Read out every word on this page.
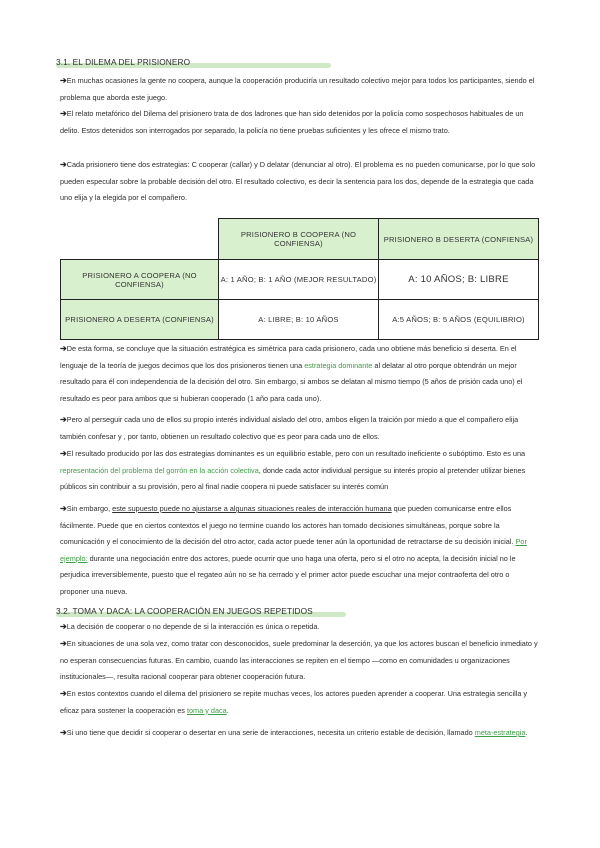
3.1. EL DILEMA DEL PRISIONERO
➔En muchas ocasiones la gente no coopera, aunque la cooperación produciría un resultado colectivo mejor para todos los participantes, siendo el problema que aborda este juego.
➔El relato metafórico del Dilema del prisionero trata de dos ladrones que han sido detenidos por la policía como sospechosos habituales de un delito. Estos detenidos son interrogados por separado, la policía no tiene pruebas suficientes y les ofrece el mismo trato.
➔Cada prisionero tiene dos estrategias: C cooperar (callar) y D delatar (denunciar al otro). El problema es no pueden comunicarse, por lo que solo pueden especular sobre la probable decisión del otro. El resultado colectivo, es decir la sentencia para los dos, depende de la estrategia que cada uno elija y la elegida por el compañero.
	PRISIONERO B COOPERA (NO CONFIENSA)	PRISIONERO B DESERTA (CONFIENSA)
PRISIONERO A COOPERA (NO CONFIENSA)	A: 1 AÑO; B: 1 AÑO (MEJOR RESULTADO)	A: 10 AÑOS; B: LIBRE
PRISIONERO A DESERTA (CONFIENSA)	A: LIBRE; B: 10 AÑOS	A:5 AÑOS; B: 5 AÑOS (EQUILIBRIO)
➔De esta forma, se concluye que la situación estratégica es simétrica para cada prisionero, cada uno obtiene más beneficio si deserta. En el lenguaje de la teoría de juegos decimos que los dos prisioneros tienen una estrategia dominante al delatar al otro porque obtendrán un mejor resultado para él con independencia de la decisión del otro. Sin embargo, si ambos se delatan al mismo tiempo (5 años de prisión cada uno) el resultado es peor para ambos que si hubieran cooperado (1 año para cada uno).
➔Pero al perseguir cada uno de ellos su propio interés individual aislado del otro, ambos eligen la traición por miedo a que el compañero elija también confesar y , por tanto, obtienen un resultado colectivo que es peor para cada uno de ellos.
➔El resultado producido por las dos estrategias dominantes es un equilibrio estable, pero con un resultado ineficiente o subóptimo. Esto es una representación del problema del gorrón en la acción colectiva, donde cada actor individual persigue su interés propio al pretender utilizar bienes públicos sin contribuir a su provisión, pero al final nadie coopera ni puede satisfacer su interés común
➔Sin embargo, este supuesto puede no ajustarse a algunas situaciones reales de interacción humana que pueden comunicarse entre ellos fácilmente. Puede que en ciertos contextos el juego no termine cuando los actores han tomado decisiones simultáneas, porque sobre la comunicación y el conocimiento de la decisión del otro actor, cada actor puede tener aún la oportunidad de retractarse de su decisión inicial. Por ejemplo: durante una negociación entre dos actores, puede ocurrir que uno haga una oferta, pero si el otro no acepta, la decisión inicial no le perjudica irreversiblemente, puesto que el regateo aún no se ha cerrado y el primer actor puede escuchar una mejor contraoferta del otro o proponer una nueva.
3.2. TOMA Y DACA: LA COOPERACIÓN EN JUEGOS REPETIDOS
➔La decisión de cooperar o no depende de si la interacción es única o repetida.
➔En situaciones de una sola vez, como tratar con desconocidos, suele predominar la deserción, ya que los actores buscan el beneficio inmediato y no esperan consecuencias futuras. En cambio, cuando las interacciones se repiten en el tiempo —como en comunidades u organizaciones institucionales—, resulta racional cooperar para obtener cooperación futura.
➔En estos contextos cuando el dilema del prisionero se repite muchas veces, los actores pueden aprender a cooperar. Una estrategia sencilla y eficaz para sostener la cooperación es toma y daca.
➔Si uno tiene que decidir si cooperar o desertar en una serie de interacciones, necesita un criterio estable de decisión, llamado meta-estrategia.
